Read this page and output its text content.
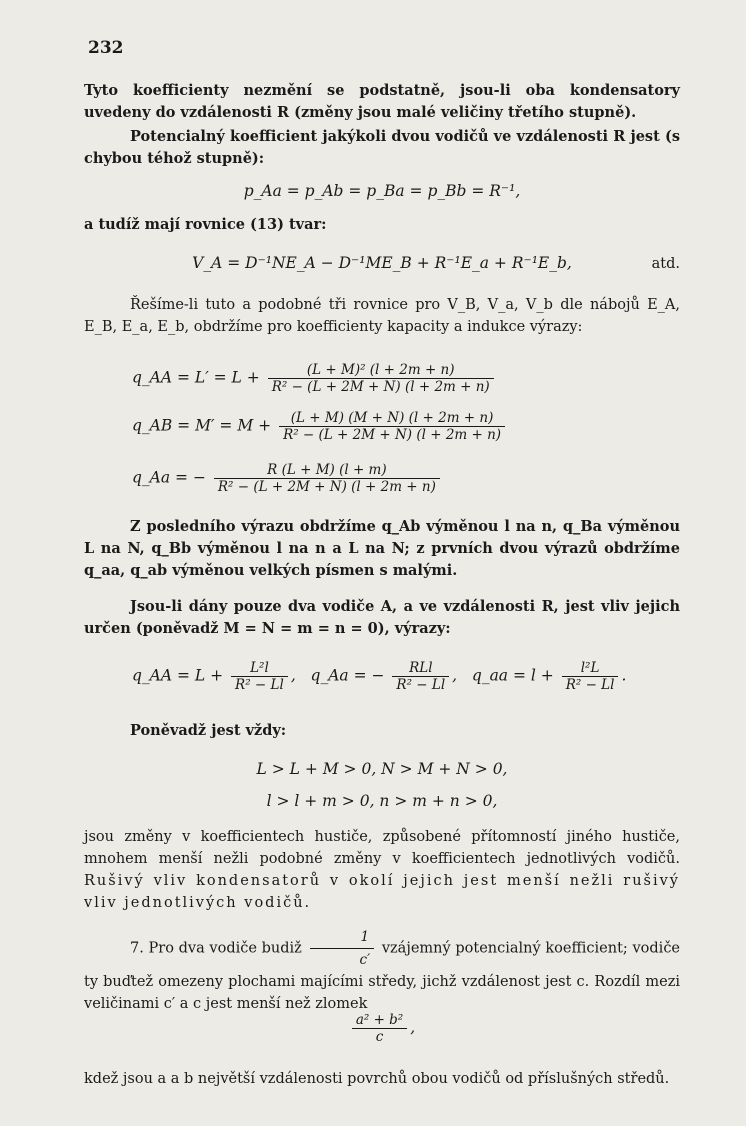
232
Tyto koefficienty nezmění se podstatně, jsou-li oba kondensatory uvedeny do vzdálenosti R (změny jsou malé veličiny třetího stupně).
Potencialný koefficient jakýkoli dvou vodičů ve vzdálenosti R jest (s chybou téhož stupně):
p_Aa = p_Ab = p_Ba = p_Bb = R⁻¹,
a tudíž mají rovnice (13) tvar:
V_A = D⁻¹NE_A − D⁻¹ME_B + R⁻¹E_a + R⁻¹E_b,	atd.
Řešíme-li tuto a podobné tři rovnice pro V_B, V_a, V_b dle nábojů E_A, E_B, E_a, E_b, obdržíme pro koefficienty kapacity a indukce výrazy:
q_AA = $L' = L + \frac{\text{(L + M)² (l + 2m + n)}}{\text{R² − (L + 2M + N) (l + 2m + n)}}$
q_AB = $M' = M + \frac{(L + M) (M + N) (l + 2m + n)}{\text{R² − (L + 2M + N) (l + 2m + n)}}$
q_Aa = − $\frac{R (L + M) (l + m)}{\text{R² − (L + 2M + N) (l + 2m + n)}}$
Z posledního výrazu obdržíme q_Ab výměnou l na n, q_Ba výměnou L na N, q_Bb výměnou l na n a L na N; z prvních dvou výrazů obdržíme q_aa, q_ab výměnou velkých písmen s malými.
Jsou-li dány pouze dva vodiče A, a ve vzdálenosti R, jest vliv jejich určen (poněvadž M = N = m = n = 0), výrazy:
q_AA = $L + \frac{\text{L²l}}{\text{R² − Ll}}$ ,   q_Aa = − $\frac{\text{RLl}}{\text{R² − Ll}}$ ,   q_aa = $l + \frac{\text{l²L}}{\text{R² − Ll}}$ .
Poněvadž jest vždy:
L > L + M > 0, N > M + N > 0,
l > l + m > 0, n > m + n > 0,
jsou změny v koefficientech hustiče, způsobené přítomností jiného hustiče, mnohem menší nežli podobné změny v koefficientech jednotlivých vodičů. Rušivý vliv kondensatorů v okolí jejich jest menší nežli rušivý vliv jednotlivých vodičů.
7. Pro dva vodiče budiž $\frac{1}{c'}$ vzájemný potencialný koefficient; vodiče ty buďtež omezeny plochami majícími středy, jichž vzdálenost jest c. Rozdíl mezi veličinami c′ a c jest menší než zlomek
$\frac{\text{a² + b²}}{c}$ ,
kdež jsou a a b největší vzdálenosti povrchů obou vodičů od příslušných středů.
